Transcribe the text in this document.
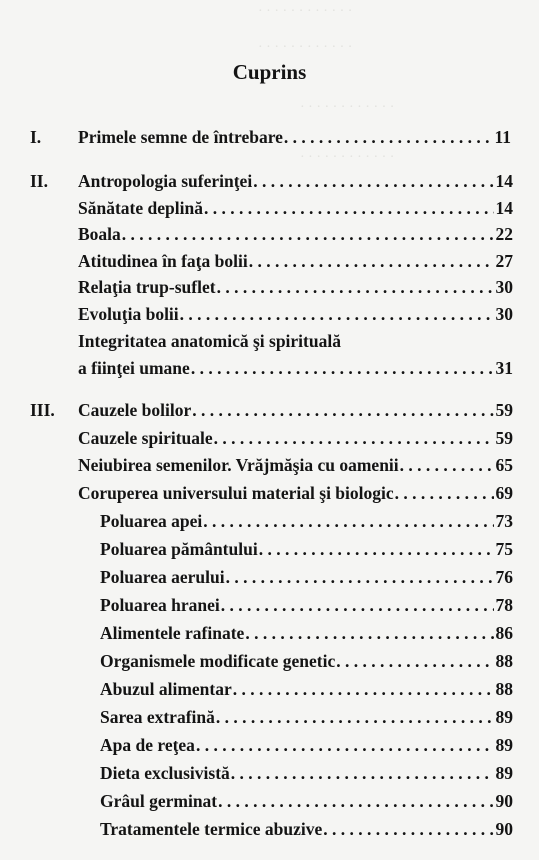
· · · · · · · · · · · ·
· · · · · · · · · · · ·
· · · · · · · · · · · ·
· · · · · · · · · · · ·
Cuprins
I. Primele semne de întrebare . . .	11
II. Antropologia suferinţei . . .	14
Sănătate deplină . . .	14
Boala . . .	22
Atitudinea în faţa bolii . . .	27
Relaţia trup-suflet . . .	30
Evoluţia bolii . . .	30
Integritatea anatomică şi spirituală
a fiinţei umane . . .	31
III. Cauzele bolilor . . .	59
Cauzele spirituale . . .	59
Neiubirea semenilor. Vrăjmăşia cu oamenii . . .	65
Coruperea universului material şi biologic . . .	69
Poluarea apei . . .	73
Poluarea pământului . . .	75
Poluarea aerului . . .	76
Poluarea hranei . . .	78
Alimentele rafinate . . .	86
Organismele modificate genetic . . .	88
Abuzul alimentar . . .	88
Sarea extrafină . . .	89
Apa de reţea . . .	89
Dieta exclusivistă . . .	89
Grâul germinat . . .	90
Tratamentele termice abuzive . . .	90
